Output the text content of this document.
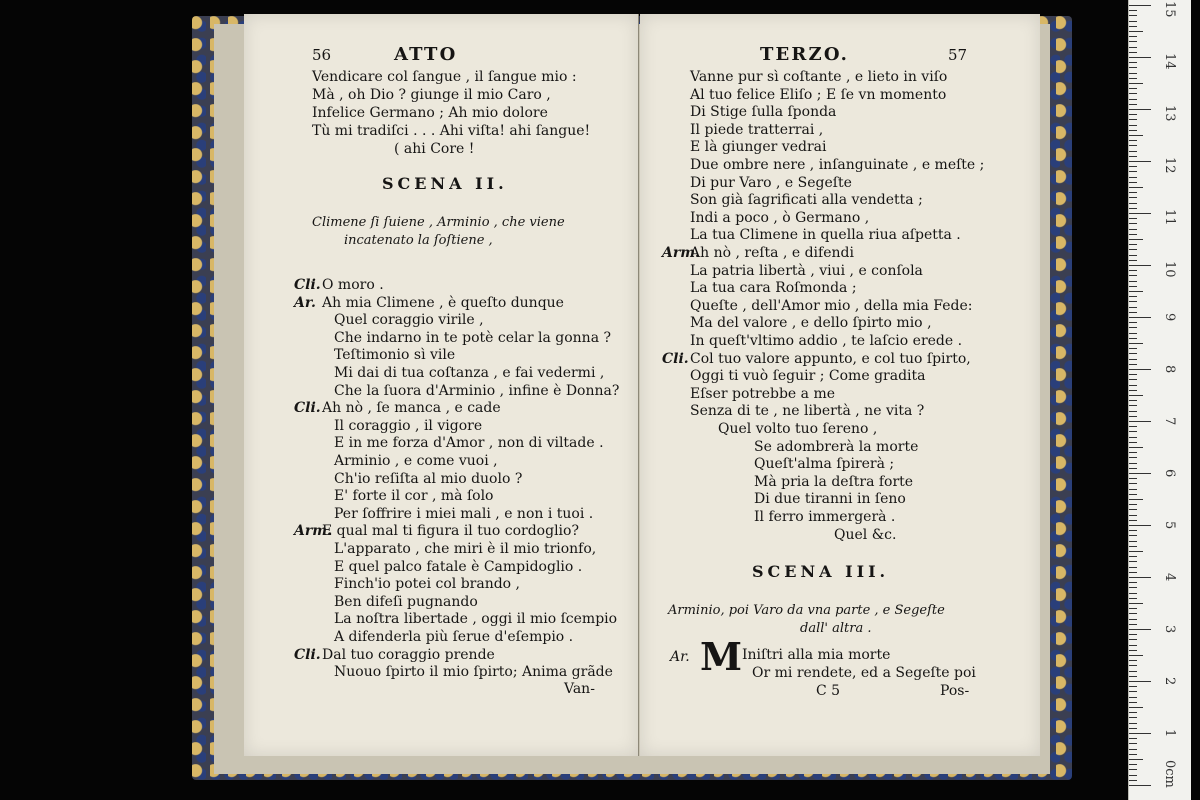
56	ATTO
Vendicare col ſangue , il ſangue mio :
Mà , oh Dio ? giunge il mio Caro ,
Infelice Germano ; Ah mio dolore
Tù mi tradiſci . . . Ahi viſta! ahi ſangue!
( ahi Core !
SCENA II.
Climene ſi ſuiene , Arminio , che viene
incatenato la ſoſtiene ,
Cli.O moro .
Ar. Ah mia Climene , è queſto dunque
Quel coraggio virile ,
Che indarno in te potè celar la gonna ?
Teſtimonio sì vile
Mi dai di tua coſtanza , e fai vedermi ,
Che la ſuora d'Arminio , infine è Donna?
Cli.Ah nò , ſe manca , e cade
Il coraggio , il vigore
E in me forza d'Amor , non di viltade .
Arminio , e come vuoi ,
Ch'io reſiſta al mio duolo ?
E' forte il cor , mà ſolo
Per ſoffrire i miei mali , e non i tuoi .
Arm.E qual mal ti figura il tuo cordoglio?
L'apparato , che miri è il mio trionfo,
E quel palco fatale è Campidoglio .
Finch'io potei col brando ,
Ben difeſi pugnando
La noſtra libertade , oggi il mio ſcempio
A difenderla più ſerue d'eſempio .
Cli.Dal tuo coraggio prende
Nuouo ſpirto il mio ſpirto; Anima grãde
Van-
TERZO.	57
Vanne pur sì coſtante , e lieto in viſo
Al tuo felice Eliſo ; E ſe vn momento
Di Stige ſulla ſponda
Il piede tratterrai ,
E là giunger vedrai
Due ombre nere , inſanguinate , e meſte ;
Di pur Varo , e Segeſte
Son già ſagrificati alla vendetta ;
Indi a poco , ò Germano ,
La tua Climene in quella riua aſpetta .
Arm.Ah nò , reſta , e difendi
La patria libertà , viui , e conſola
La tua cara Roſmonda ;
Queſte , dell'Amor mio , della mia Fede:
Ma del valore , e dello ſpirto mio ,
In queſt'vltimo addio , te laſcio erede .
Cli.Col tuo valore appunto, e col tuo ſpirto,
Oggi ti vuò ſeguir ; Come gradita
Eſser potrebbe a me
Senza di te , ne libertà , ne vita ?
Quel volto tuo ſereno ,
Se adombrerà la morte
Queſt'alma ſpirerà ;
Mà pria la deſtra forte
Di due tiranni in ſeno
Il ferro immergerà .
Quel &c.
SCENA III.
Arminio, poi Varo da vna parte , e Segeſte
dall' altra .
Ar. M Iniſtri alla mia morte
Or mi rendete, ed a Segeſte poi
C 5	Pos-
0cm
1
2
3
4
5
6
7
8
9
10
11
12
13
14
15
